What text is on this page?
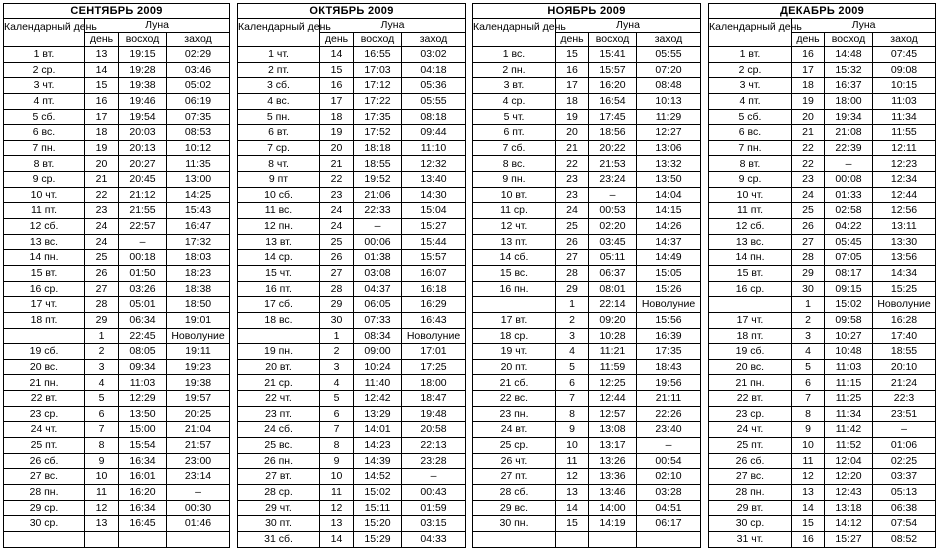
СЕНТЯБРЬ 2009			
Календарный день	Луна		
	день	восход	заход
1 вт.	13	19:15	02:29
2 ср.	14	19:28	03:46
3 чт.	15	19:38	05:02
4 пт.	16	19:46	06:19
5 сб.	17	19:54	07:35
6 вс.	18	20:03	08:53
7 пн.	19	20:13	10:12
8 вт.	20	20:27	11:35
9 ср.	21	20:45	13:00
10 чт.	22	21:12	14:25
11 пт.	23	21:55	15:43
12 сб.	24	22:57	16:47
13 вс.	24	–	17:32
14 пн.	25	00:18	18:03
15 вт.	26	01:50	18:23
16 ср.	27	03:26	18:38
17 чт.	28	05:01	18:50
18 пт.	29	06:34	19:01
	1	22:45	Новолуние
19 сб.	2	08:05	19:11
20 вс.	3	09:34	19:23
21 пн.	4	11:03	19:38
22 вт.	5	12:29	19:57
23 ср.	6	13:50	20:25
24 чт.	7	15:00	21:04
25 пт.	8	15:54	21:57
26 сб.	9	16:34	23:00
27 вс.	10	16:01	23:14
28 пн.	11	16:20	–
29 ср.	12	16:34	00:30
30 ср.	13	16:45	01:46

ОКТЯБРЬ 2009			
Календарный день	Луна		
	день	восход	заход
1 чт.	14	16:55	03:02
2 пт.	15	17:03	04:18
3 сб.	16	17:12	05:36
4 вс.	17	17:22	05:55
5 пн.	18	17:35	08:18
6 вт.	19	17:52	09:44
7 ср.	20	18:18	11:10
8 чт.	21	18:55	12:32
9 пт	22	19:52	13:40
10 сб.	23	21:06	14:30
11 вс.	24	22:33	15:04
12 пн.	24	–	15:27
13 вт.	25	00:06	15:44
14 ср.	26	01:38	15:57
15 чт.	27	03:08	16:07
16 пт.	28	04:37	16:18
17 сб.	29	06:05	16:29
18 вс.	30	07:33	16:43
	1	08:34	Новолуние
19 пн.	2	09:00	17:01
20 вт.	3	10:24	17:25
21 ср.	4	11:40	18:00
22 чт.	5	12:42	18:47
23 пт.	6	13:29	19:48
24 сб.	7	14:01	20:58
25 вс.	8	14:23	22:13
26 пн.	9	14:39	23:28
27 вт.	10	14:52	–
28 ср.	11	15:02	00:43
29 чт.	12	15:11	01:59
30 пт.	13	15:20	03:15
31 сб.	14	15:29	04:33
НОЯБРЬ 2009			
Календарный день	Луна		
	день	восход	заход
1 вс.	15	15:41	05:55
2 пн.	16	15:57	07:20
3 вт.	17	16:20	08:48
4 ср.	18	16:54	10:13
5 чт.	19	17:45	11:29
6 пт.	20	18:56	12:27
7 сб.	21	20:22	13:06
8 вс.	22	21:53	13:32
9 пн.	23	23:24	13:50
10 вт.	23	–	14:04
11 ср.	24	00:53	14:15
12 чт.	25	02:20	14:26
13 пт.	26	03:45	14:37
14 сб.	27	05:11	14:49
15 вс.	28	06:37	15:05
16 пн.	29	08:01	15:26
	1	22:14	Новолуние
17 вт.	2	09:20	15:56
18 ср.	3	10:28	16:39
19 чт.	4	11:21	17:35
20 пт.	5	11:59	18:43
21 сб.	6	12:25	19:56
22 вс.	7	12:44	21:11
23 пн.	8	12:57	22:26
24 вт.	9	13:08	23:40
25 ср.	10	13:17	–
26 чт.	11	13:26	00:54
27 пт.	12	13:36	02:10
28 сб.	13	13:46	03:28
29 вс.	14	14:00	04:51
30 пн.	15	14:19	06:17

ДЕКАБРЬ 2009			
Календарный день	Луна		
	день	восход	заход
1 вт.	16	14:48	07:45
2 ср.	17	15:32	09:08
3 чт.	18	16:37	10:15
4 пт.	19	18:00	11:03
5 сб.	20	19:34	11:34
6 вс.	21	21:08	11:55
7 пн.	22	22:39	12:11
8 вт.	22	–	12:23
9 ср.	23	00:08	12:34
10 чт.	24	01:33	12:44
11 пт.	25	02:58	12:56
12 сб.	26	04:22	13:11
13 вс.	27	05:45	13:30
14 пн.	28	07:05	13:56
15 вт.	29	08:17	14:34
16 ср.	30	09:15	15:25
	1	15:02	Новолуние
17 чт.	2	09:58	16:28
18 пт.	3	10:27	17:40
19 сб.	4	10:48	18:55
20 вс.	5	11:03	20:10
21 пн.	6	11:15	21:24
22 вт.	7	11:25	22:3
23 ср.	8	11:34	23:51
24 чт.	9	11:42	–
25 пт.	10	11:52	01:06
26 сб.	11	12:04	02:25
27 вс.	12	12:20	03:37
28 пн.	13	12:43	05:13
29 вт.	14	13:18	06:38
30 ср.	15	14:12	07:54
31 чт.	16	15:27	08:52
